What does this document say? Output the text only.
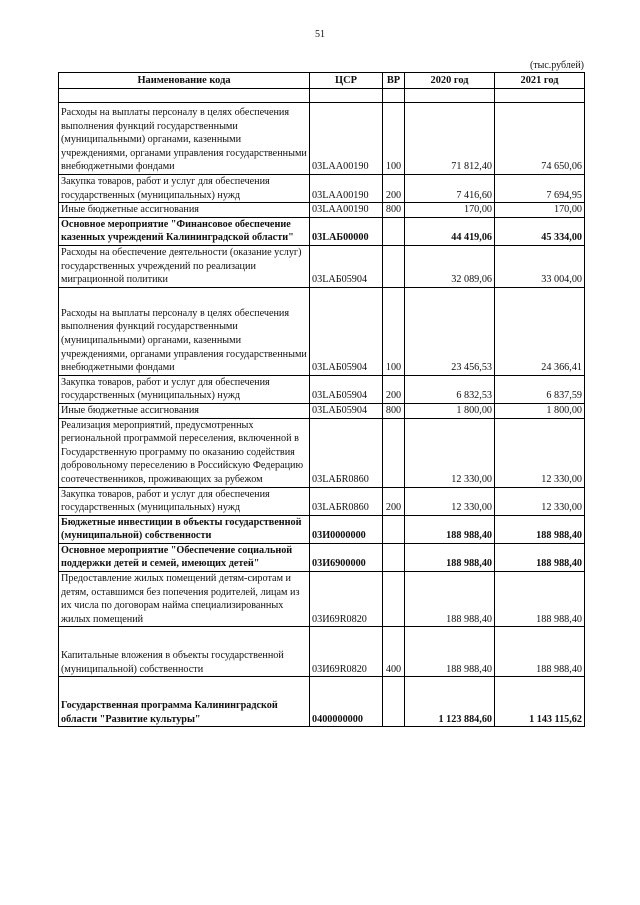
51
(тыс.рублей)
Наименование кода	ЦСР	ВР	2020 год	2021 год

Расходы на выплаты персоналу в целях обеспечения выполнения функций государственными (муниципальными) органами, казенными учреждениями, органами управления государственными внебюджетными фондами	03LAA00190	100	71 812,40	74 650,06
Закупка товаров, работ и услуг для обеспечения государственных (муниципальных) нужд	03LAA00190	200	7 416,60	7 694,95
Иные бюджетные ассигнования	03LAA00190	800	170,00	170,00
Основное мероприятие "Финансовое обеспечение казенных учреждений Калининградской области"	03LAБ00000		44 419,06	45 334,00
Расходы на обеспечение деятельности (оказание услуг) государственных учреждений по реализации миграционной политики	03LAБ05904		32 089,06	33 004,00
Расходы на выплаты персоналу в целях обеспечения выполнения функций государственными (муниципальными) органами, казенными учреждениями, органами управления государственными внебюджетными фондами	03LAБ05904	100	23 456,53	24 366,41
Закупка товаров, работ и услуг для обеспечения государственных (муниципальных) нужд	03LAБ05904	200	6 832,53	6 837,59
Иные бюджетные ассигнования	03LAБ05904	800	1 800,00	1 800,00
Реализация мероприятий, предусмотренных региональной программой переселения, включенной в Государственную программу по оказанию содействия добровольному переселению в Российскую Федерацию соотечественников, проживающих за рубежом	03LAБR0860		12 330,00	12 330,00
Закупка товаров, работ и услуг для обеспечения государственных (муниципальных) нужд	03LAБR0860	200	12 330,00	12 330,00
Бюджетные инвестиции в объекты государственной (муниципальной) собственности	03И0000000		188 988,40	188 988,40
Основное мероприятие "Обеспечение социальной поддержки детей и семей, имеющих детей"	03И6900000		188 988,40	188 988,40
Предоставление жилых помещений детям-сиротам и детям, оставшимся без попечения родителей, лицам из их числа по договорам найма специализированных жилых помещений	03И69R0820		188 988,40	188 988,40
Капитальные вложения в объекты государственной (муниципальной) собственности	03И69R0820	400	188 988,40	188 988,40
Государственная программа Калининградской области "Развитие культуры"	0400000000		1 123 884,60	1 143 115,62
